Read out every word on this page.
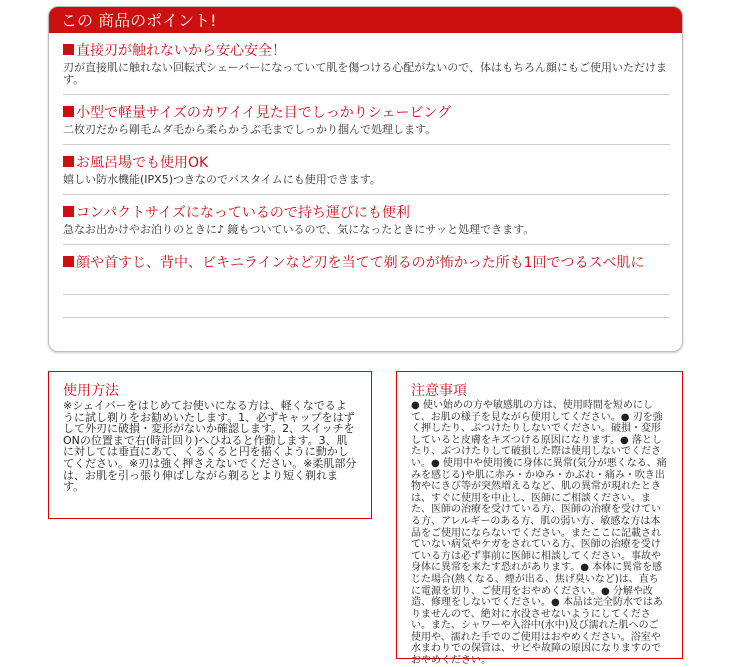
この 商品のポイント!
直接刃が触れないから安心安全！

刃が直接肌に触れない回転式シェーバーになっていて肌を傷つける心配がないので、体はもちろん顔にもご使用いただけます。

小型で軽量サイズのカワイイ見た目でしっかりシェービング

二枚刃だから剛毛ムダ毛から柔らかうぶ毛までしっかり掴んで処理します。

お風呂場でも使用OK

嬉しい防水機能(IPX5)つきなのでバスタイムにも使用できます。

コンパクトサイズになっているので持ち運びにも便利

急なお出かけやお泊りのときに♪ 鏡もついているので、気になったときにサッと処理できます。

顔や首すじ、背中、ビキニラインなど刃を当てて剃るのが怖かった所も1回でつるスベ肌に
使用方法

※シェイバーをはじめてお使いになる方は、軽くなでるように試し剃りをお勧めいたします。1、必ずキャップをはずして外刃に破損・変形がないか確認します。2、スイッチをONの位置まで右(時計回り)へひねると作動します。3、肌に対しては垂直にあて、くるくると円を描くように動かしてください。※刃は強く押さえないでください。※柔肌部分は、お肌を引っ張り伸ばしながら剃るとより短く剃れます。

注意事項

● 使い始めの方や敏感肌の方は、使用時間を短めにして、お肌の様子を見ながら使用してください。● 刃を強く押したり、ぶつけたりしないでください。破損・変形していると皮膚をキズつける原因になります。● 落としたり、ぶつけたりして破損した際は使用しないでください。● 使用中や使用後に身体に異常(気分が悪くなる、痛みを感じる)や肌に赤み・かゆみ・かぶれ・痛み・吹き出物やにきび等が突然増えるなど、肌の異常が現れたときは、すぐに使用を中止し、医師にご相談ください。また、医師の治療を受けている方、医師の治療を受けている方、アレルギーのある方、肌の弱い方、敏感な方は本品をご使用にならないでください。またここに記載されていない病気やケガをされている方、医師の治療を受けている方は必ず事前に医師に相談してください。事故や身体に異常を来たす恐れがあります。● 本体に異常を感じた場合(熱くなる、煙が出る、焦げ臭いなど)は、直ちに電源を切り、ご使用をおやめください。● 分解や改造、修理をしないでください。● 本品は完全防水ではありませんので、絶対に水没させないようにしてください。また、シャワーや入浴中(水中)及び濡れた肌へのご使用や、濡れた手でのご使用はおやめください。浴室や水まわりでの保管は、サビや故障の原因になりますのでおやめください。
